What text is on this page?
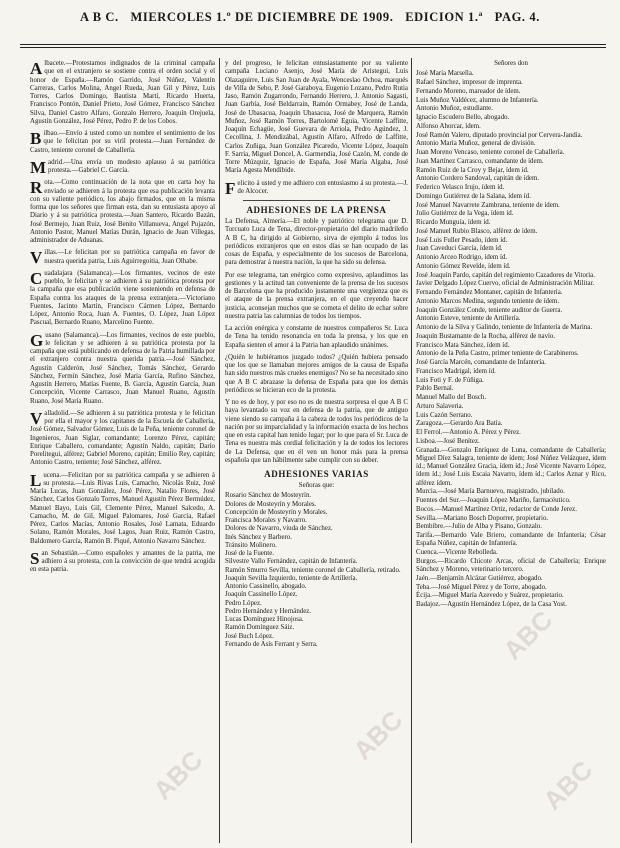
A B C. MIERCOLES 1.º DE DICIEMBRE DE 1909. EDICION 1.ª PAG. 4.

Albacete.—Protestamos indignados de la criminal campaña que en el extranjero se sostiene contra el orden social y el honor de España.—Ramón Garrido, José Núñez, Valentín Carreras, Carlos Molina, Angel Rueda, Juan Gil y Pérez, Luis Torres, Carlos Domingo, Bautista Martí, Ricardo Huerta, Francisco Pontón, Daniel Prieto, José Gómez, Francisco Sánchez Silva, Daniel Castro Alfaro, Gonzalo Herrero, Joaquín Orejuela, Agustín González, José Pérez, Pedro P. de los Cobos.

Bilbao.—Envío á usted como un nombre el sentimiento de los que le felicitan por su viril protesta.—Juan Fernández de Castro, teniente coronel de Caballería.

Madrid.—Una envía un modesto aplauso á su patriótica protesta.—Gabriel C. García.

Rota.—Como continuación de la nota que en carta hoy ha enviado se adhieren á la protesta que esa publicación levanta con su valiente periódico, los abajo firmados, que en la misma forma que los señores que firman esta, dan su entusiasta apoyo al Diario y á su patriótica protesta.—Juan Santero, Ricardo Bazán, José Bermejo, Juan Ruiz, José Benito Villanueva, Angel Pujazón, Antonio Pastor, Manuel Matías Durán, Ignacio de Juan Villegas, administrador de Aduanas.

Villas.—Le felicitan por su patriótica campaña en favor de nuestra querida patria, Luis Aguirregoitia, Juan Olhabe.

Cuadalajara (Salamanca).—Los firmantes, vecinos de este pueblo, le felicitan y se adhieren á su patriótica protesta por la campaña que esa publicación viene sosteniendo en defensa de España contra los ataques de la prensa extranjera.—Victoriano Fuentes, Jacinto Martín, Francisco Cármen López, Bernardo López, Antonio Roca, Juan A. Fuentes, O. López, Juan López Pascual, Bernardo Ruano, Marcelino Fuente.

Gusano (Salamanca).—Los firmantes, vecinos de este pueblo, le felicitan y se adhieren á su patriótica protesta por la campaña que está publicando en defensa de la Patria humillada por el extranjero contra nuestra querida patria.—José Sánchez, Agustín Calderón, José Sánchez, Tomás Sánchez, Gerardo Sánchez, Fermín Sánchez, José María García, Rufino Sánchez, Agustín Herrero, Matías Fuente, B. García, Agustín García, Juan Concepción, Vicente Carrasco, Juan Manuel Ruano, Agustín Ruano, José María Ruano.

Valladolid.—Se adhieren á su patriótica protesta y le felicitan por ella el mayor y los capitanes de la Escuela de Caballería, José Gómez, Salvador Gómez, Luis de la Peña, teniente coronel de Ingenieros, Juan Siglar, comandante; Lorenzo Pérez, capitán; Enrique Caballero, comandante; Agustín Naldo, capitán; Darío Porelitegui, alférez; Gabriel Moreno, capitán; Emilio Rey, capitán; Antonio Castro, teniente; José Sánchez, alférez.

Lucena.—Felicitan por su patriótica campaña y se adhieren á su protesta.—Luis Rivas Luis, Camacho, Nicolás Ruiz, José María Lucas, Juan González, José Pérez, Natalio Flores, José Sánchez, Carlos Gonzalo Torres, Manuel Agustín Pérez Bermúdez, Manuel Bayo, Luis Gil, Clemente Pérez, Manuel Salcedo, A. Camacho, M. de Gil, Miguel Palomares, José García, Rafael Pérez, Carlos Macías, Antonio Rosales, José Lamata, Eduardo Solano, Ramón Morales, José Lagos, Juan Ruiz, Ramón Castro, Baldomero García, Ramón B. Piqué, Antonio Navarro Sánchez.

San Sebastián.—Como españoles y amantes de la patria, me adhiero á su protesta, con la convicción de que tendrá acogida en esta patria.

y del progreso, le felicitan entusiastamente por su valiente campaña Luciano Asenjo, José María de Aristegui, Luis Olazaguirre, Luis San Juan de Ayala, Wenceslao Ochoa, marqués de Villa de Sebo, P. José Garaboya, Eugenio Lozano, Pedro Rutia Jaso, Ramón Zugarrondo, Fernando Herrero, J. Antonio Sagasti, Juan Garbía, José Beldarrain, Ramón Ormabey, José de Landa, José de Ubasacua, Joaquín Ubasacua, José de Marquera, Ramón Muñoz, José Ramón Torres, Bartolomé Eguia, Vicente Laffitte, Joaquín Echagüe, José Guevara de Arriola, Pedro Agúndez, J. Cecollina, J. Mendizábal, Agustín Alfaro, Alfredo de Laffitte, Carlos Zuñiga, Juan González Picaredo, Vicente López, Joaquín F. Sarria, Miguel Doncel, A. Garmendia, José Cazón, M. conde de Torre Múzquiz, Ignacio de España, José María Algaba, José María Agesta Mendibide.

Felicito á usted y me adhiero con entusiasmo á su protesta.—J. de Alcocer.

ADHESIONES DE LA PRENSA

La Defensa, Almería.—El noble y patriótico telegrama que D. Torcuato Luca de Tena, director-propietario del diario madrileño A B C, ha dirigido al Gobierno, sirva de ejemplo á todos los periódicos extranjeros que en estos días se han ocupado de las cosas de España, y especialmente de los sucesos de Barcelona, para demostrar á nuestra nación, la que ha sido su defensa.

Por ese telegrama, tan enérgico como expresivo, aplaudimos las gestiones y la actitud tan conveniente de la prensa de los sucesos de Barcelona que ha producido justamente una vergüenza que es el ataque de la prensa extranjera, en el que creyendo hacer justicia, aconsejan muchos que se cometa el delito de echar sobre nuestra patria las calumnias de todos los tiempos.

La acción enérgica y constante de nuestros compañeros Sr. Luca de Tena ha tenido resonancia en toda la prensa, y los que en España sienten el amor á la Patria han aplaudido unánimes.

¿Quién le hubiéramos juzgado todos? ¿Quién hubiera pensado que los que se llamaban mejores amigos de la causa de España han sido nuestros más crueles enemigos? No se ha necesitado sino que A B C abrazase la defensa de España para que los demás periódicos se hicieran eco de la protesta.

Y no es de hoy, y por eso no es de nuestra sorpresa el que A B C haya levantado su voz en defensa de la patria, que de antiguo viene siendo su campaña á la cabeza de todos los periódicos de la nación por su imparcialidad y la información exacta de los hechos que en esta capital han tenido lugar; por lo que para el Sr. Luca de Tena es nuestra más cordial felicitación y la de todos los lectores de La Defensa, que en él ven un honor más para la prensa española que tan hábilmente sabe cumplir con su deber.

ADHESIONES VARIAS
Señoras que:
Rosario Sánchez de Mosteyrín.
Dolores de Mosteyrín y Morales.
Concepción de Mosteyrín y Morales.
Francisca Morales y Navarro.
Dolores de Navarro, viuda de Sánchez.
Inés Sánchez y Barbero.
Tránsito Molinero.
José de la Fuente.
Silvestre Vallo Fernández, capitán de Infantería.
Ramón Smurro Sevilla, teniente coronel de Caballería, retirado.
Joaquín Sevilla Izquierdo, teniente de Artillería.
Antonio Cassinello, abogado.
Joaquín Cassinello López.
Pedro López.
Pedro Hernández y Hernández.
Lucas Domínguez Hinojosa.
Ramón Domínguez Sáiz.
José Buch López.
Fernando de Asís Ferrant y Serra.
Señores don
José María Marsella.
Rafael Sánchez, impresor de imprenta.
Fernando Moreno, mareador de ídem.
Luis Muñoz Valdécez, alumno de Infantería.
Antonio Muñoz, estudiante.
Ignacio Escudero Bello, abogado.
Alfonso Ahorcar, ídem.
José Ramón Valero, diputado provincial por Cervera-Jandía.
Antonio María Muñoz, general de división.
Juan Moreno Vencaso, teniente coronel de Caballería.
Juan Martínez Carrasco, comandante de ídem.
Ramón Ruiz de la Croy y Bejar, ídem íd.
Antonio Cordero Sandoval, capitán de ídem.
Federico Velasco Irujo, ídem íd.
Domingo Gutiérrez de la Salana, ídem íd.
José Manuel Navarrete Zambrana, teniente de ídem.
Julio Gutiérrez de la Vega, ídem íd.
Ricardo Munguía, ídem íd.
José Manuel Rubio Blasco, alférez de ídem.
José Luis Fuller Pesado, ídem íd.
Juan Caveduci García, ídem íd.
Antonio Arceo Rodrigo, ídem íd.
Antonio Gómez Revelde, ídem íd.
José Joaquín Pardo, capitán del regimiento Cazadores de Vitoria.
Javier Delgado López Cuervo, oficial de Administración Militar.
Fernando Fernández Montaner, capitán de Infantería.
Antonio Marcos Medina, segundo teniente de ídem.
Joaquín González Conde, teniente auditor de Guerra.
Antonio Esteve, teniente de Artillería.
Antonio de la Silva y Galindo, teniente de Infantería de Marina.
Joaquín Bustamante de la Rocha, alférez de navío.
Francisco Mata Sánchez, ídem íd.
Antonio de la Peña Castro, primer teniente de Carabineros.
José García Marcén, comandante de Infantería.
Francisco Madrigal, ídem íd.
Luis Foti y F. de Fúñiga.
Pablo Bernal.
Manuel Mallo del Bosch.
Arturo Salaveria.
Luis Cazón Serrano.
Zaragoza.—Gerardo Ara Batía.
El Ferrol.—Antonio A. Pérez y Pérez.
Lisboa.—José Benítez.
Granada.—Gonzalo Enríquez de Luna, comandante de Caballería; Miguel Díez Salagra, teniente de ídem; José Núñez Velázquez, ídem íd.; Manuel González Gracia, ídem íd.; José Vicente Navarro López, ídem íd.; José Luis Escaia Navarro, ídem íd.; Carlos Aznar y Rico, alférez ídem.
Murcia.—José María Barnuevo, magistrado, jubilado.
Fuentes del Sur.—Joaquín López Mariño, farmacéutico.
Bocos.—Manuel Martínez Ortiz, redactor de Conde Jerez.
Sevilla.—Mariano Bosch Doporrer, propietario.
Bembibre.—Julio de Alba y Pisano, Gonzalo.
Tarifa.—Bernardo Vale Briero, comandante de Infantería; César España Núñez, capitán de Infantería.
Cuenca.—Vicente Rebolleda.
Burgos.—Ricardo Chicote Arcas, oficial de Caballería; Enrique Sánchez y Moreno, veterinario tercero.
Jaén.—Benjamín Alcázar Gutiérrez, abogado.
Teba.—José Miguel Pérez y de Torre, abogado.
Écija.—Miguel María Azevedo y Suárez, propietario.
Badajoz.—Agustín Hernández López, de la Casa Yost.
ABC
ABC
ABC
ABC
